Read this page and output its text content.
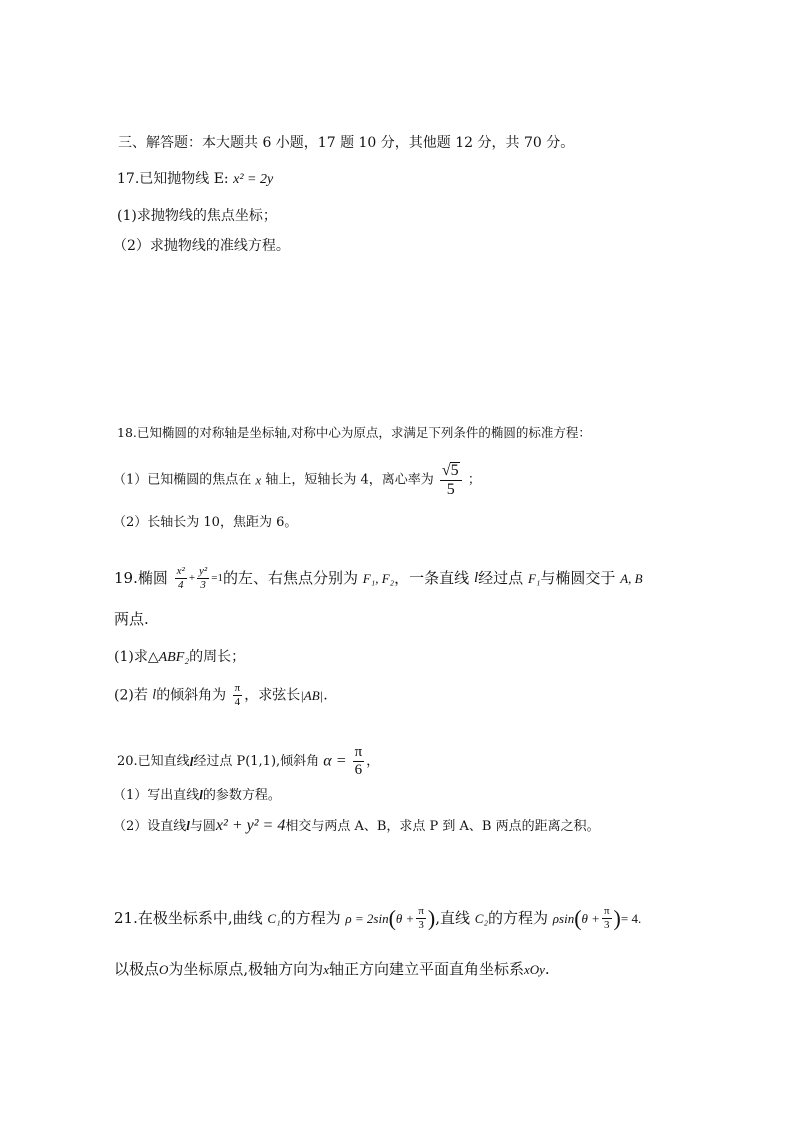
三、解答题：本大题共 6 小题，17 题 10 分，其他题 12 分，共 70 分。
17.已知抛物线 E: x² = 2y
(1)求抛物线的焦点坐标；
（2）求抛物线的准线方程。
18.已知椭圆的对称轴是坐标轴,对称中心为原点，求满足下列条件的椭圆的标准方程：
（1）已知椭圆的焦点在 x 轴上，短轴长为 4，离心率为 $\frac{√5}{5}$ ；
（2）长轴长为 10，焦距为 6。
19.椭圆 $\frac{\text{x²}}{4} + \frac{\text{y²}}{3} =1$的左、右焦点分别为 F₁, F₂，一条直线 l经过点 F₁与椭圆交于 A, B
两点.
(1)求△ABF₂的周长；
(2)若 l的倾斜角为 $\frac{\pi}{4}$ ，求弦长|AB|.
20.已知直线l经过点 P(1,1),倾斜角 $\alpha = \frac{\pi}{6}$ ，
（1）写出直线l的参数方程。
（2）设直线l与圆x² + y² = 4相交与两点 A、B，求点 P 到 A、B 两点的距离之积。
21.在极坐标系中,曲线 C₁的方程为 $\rho = 2\sin(\theta + \frac{\pi}{3}$ ),直线 C₂的方程为 $\rho\sin(\theta + \frac{\pi}{3}$ )= 4.
以极点O为坐标原点,极轴方向为x轴正方向建立平面直角坐标系xOy.
